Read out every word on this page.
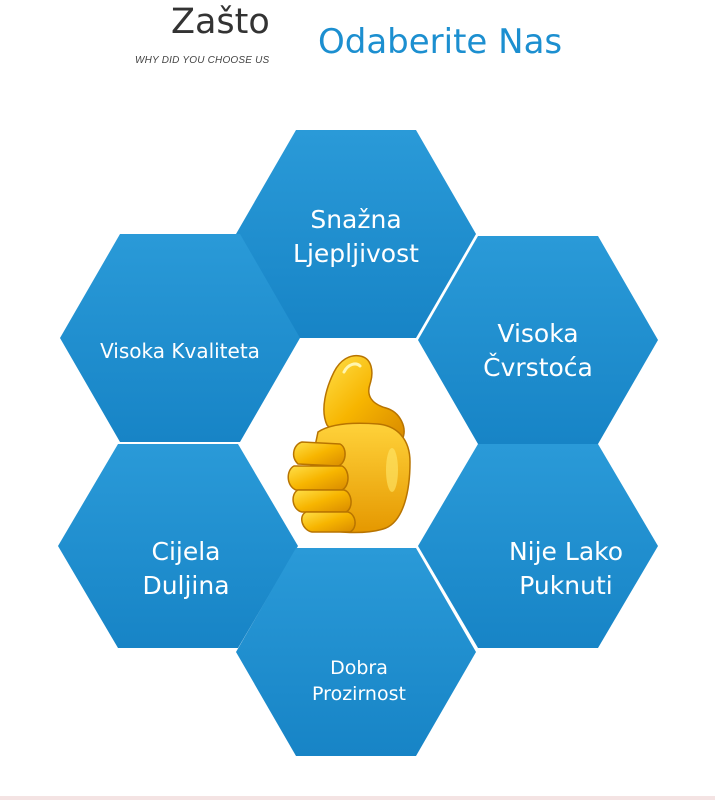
Zašto
WHY DID YOU CHOOSE US Odaberite Nas
Snažna
Ljepljivost
Visoka Kvaliteta
Visoka
Čvrstoća
Cijela
Duljina
Nije Lako
Puknuti
Dobra
Prozirnost
